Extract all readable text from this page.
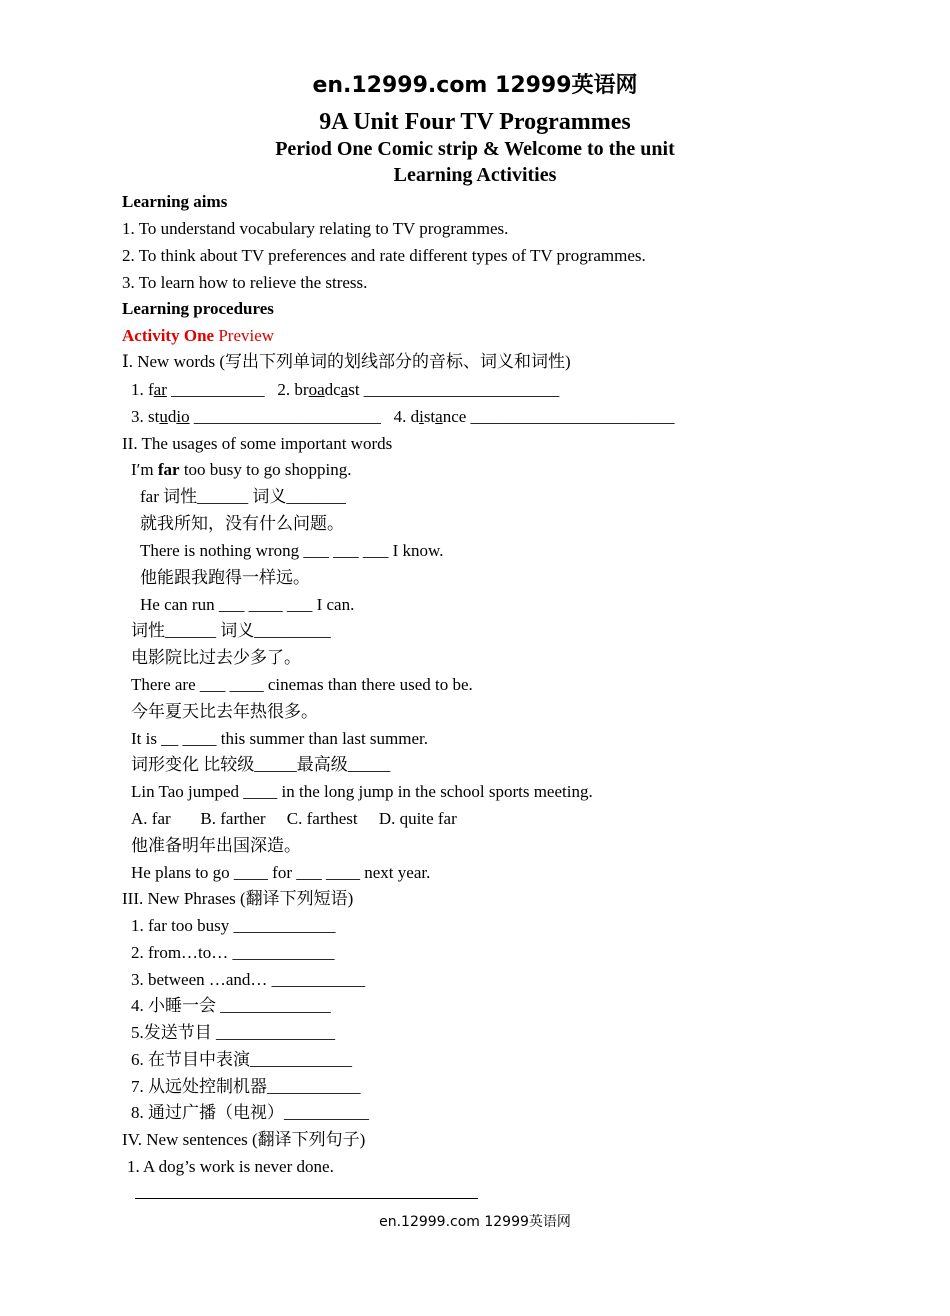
en.12999.com 12999英语网
9A Unit Four TV Programmes
Period One Comic strip & Welcome to the unit
Learning Activities
Learning aims
1. To understand vocabulary relating to TV programmes.
2. To think about TV preferences and rate different types of TV programmes.
3. To learn how to relieve the stress.
Learning procedures
Activity One Preview
Ⅰ. New words (写出下列单词的划线部分的音标、词义和词性)
1. far ___________   2. broadcast _______________________
3. studio ______________________   4. distance ________________________
II. The usages of some important words
I′m far too busy to go shopping.
far 词性______ 词义_______
就我所知，没有什么问题。
There is nothing wrong ___ ___ ___ I know.
他能跟我跑得一样远。
He can run ___ ____ ___ I can.
词性______ 词义_________
电影院比过去少多了。
There are ___ ____ cinemas than there used to be.
今年夏天比去年热很多。
It is __ ____ this summer than last summer.
词形变化 比较级_____最高级_____
Lin Tao jumped ____ in the long jump in the school sports meeting.
A. far       B. farther     C. farthest     D. quite far
他准备明年出国深造。
He plans to go ____ for ___ ____ next year.
III. New Phrases (翻译下列短语)
1. far too busy ____________
2. from…to… ____________
3. between …and… ___________
4. 小睡一会 _____________
5.发送节目 ______________
6. 在节目中表演____________
7. 从远处控制机器___________
8. 通过广播（电视）__________
IV. New sentences (翻译下列句子)
1. A dog’s work is never done.
en.12999.com 12999英语网
